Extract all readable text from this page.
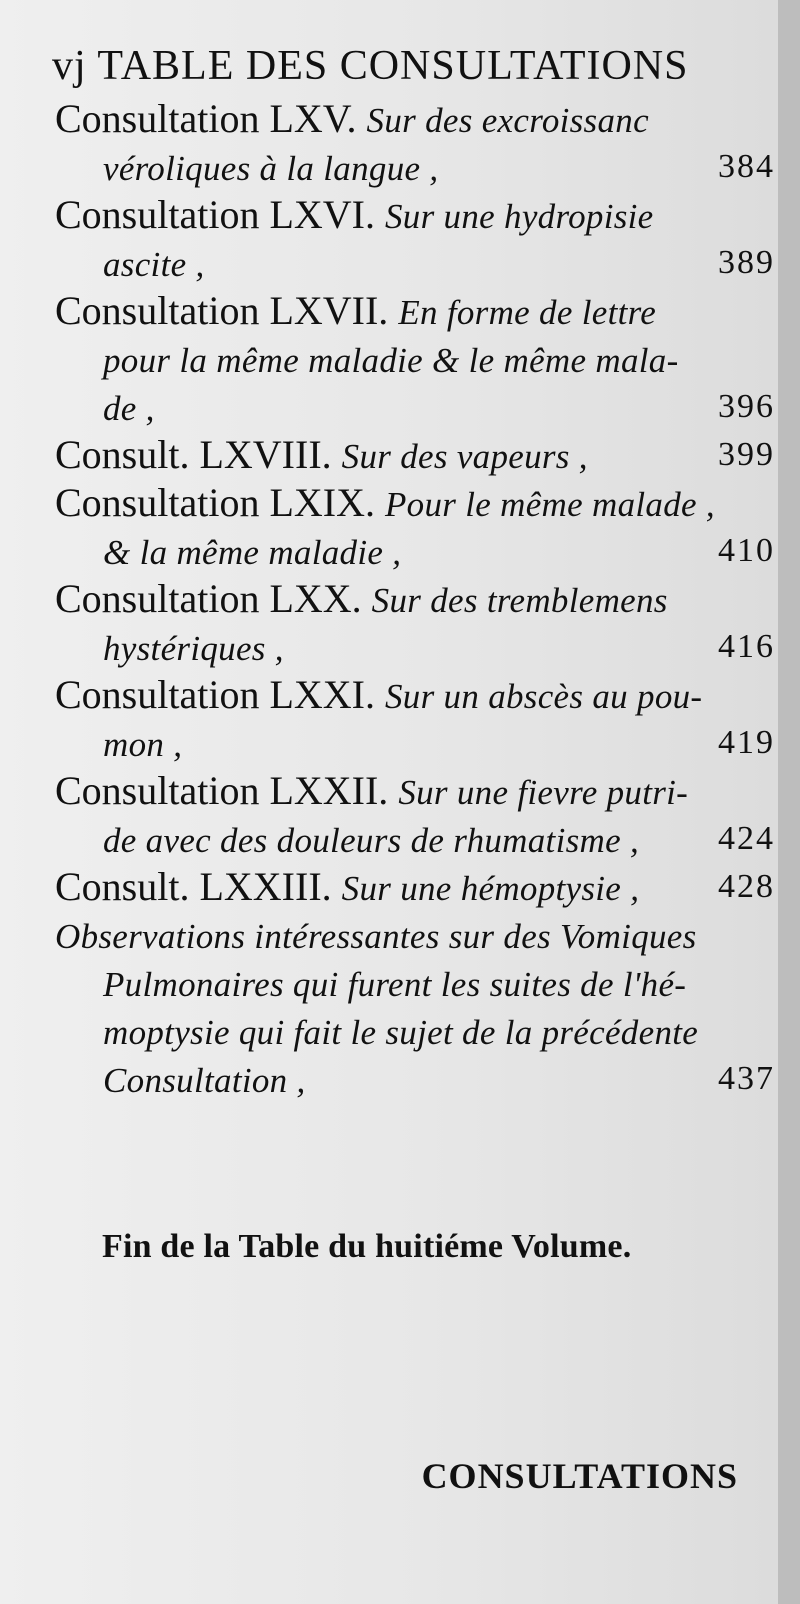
vj TABLE DES CONSULTATIONS
Consultation LXV. Sur des excroissanc
véroliques à la langue ,	384
Consultation LXVI. Sur une hydropisie
ascite ,	389
Consultation LXVII. En forme de lettre
pour la même maladie & le même mala-
de ,	396
Consult. LXVIII. Sur des vapeurs ,	399
Consultation LXIX. Pour le même malade ,
& la même maladie ,	410
Consultation LXX. Sur des tremblemens
hystériques ,	416
Consultation LXXI. Sur un abscès au pou-
mon ,	419
Consultation LXXII. Sur une fievre putri-
de avec des douleurs de rhumatisme , 424
Consult. LXXIII. Sur une hémoptysie , 428
Observations intéressantes sur des Vomiques
Pulmonaires qui furent les suites de l'hé-
moptysie qui fait le sujet de la précédente
Consultation ,	437
Fin de la Table du huitiéme Volume.
CONSULTATIONS
